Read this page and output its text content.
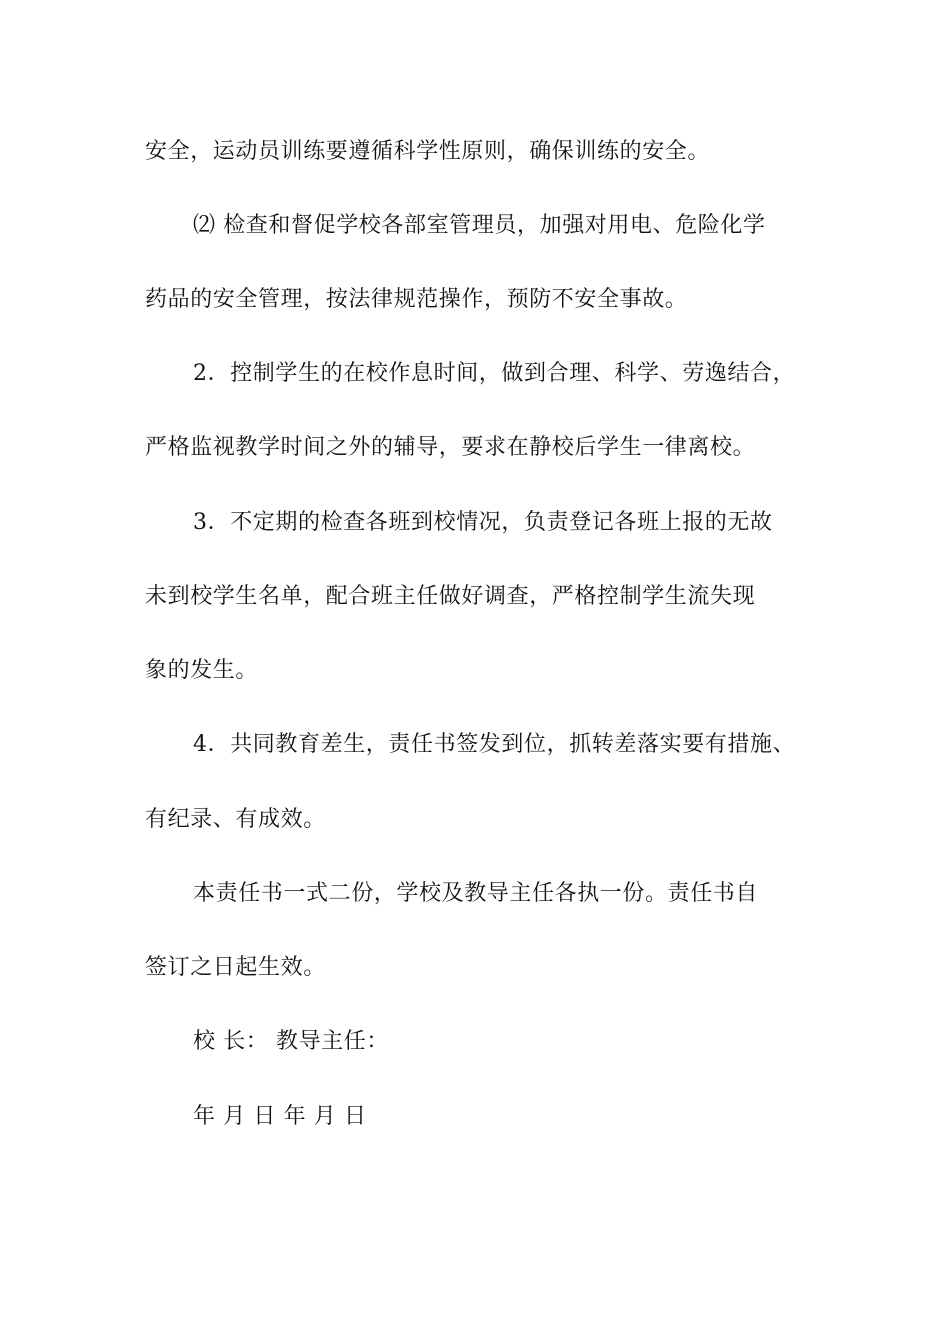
安全，运动员训练要遵循科学性原则，确保训练的安全。
⑵ 检查和督促学校各部室管理员，加强对用电、危险化学
药品的安全管理，按法律规范操作，预防不安全事故。
2．控制学生的在校作息时间，做到合理、科学、劳逸结合，
严格监视教学时间之外的辅导，要求在静校后学生一律离校。
3．不定期的检查各班到校情况，负责登记各班上报的无故
未到校学生名单，配合班主任做好调查，严格控制学生流失现
象的发生。
4．共同教育差生，责任书签发到位，抓转差落实要有措施、
有纪录、有成效。
本责任书一式二份，学校及教导主任各执一份。责任书自
签订之日起生效。
校 长： 教导主任：
年 月 日 年 月 日
